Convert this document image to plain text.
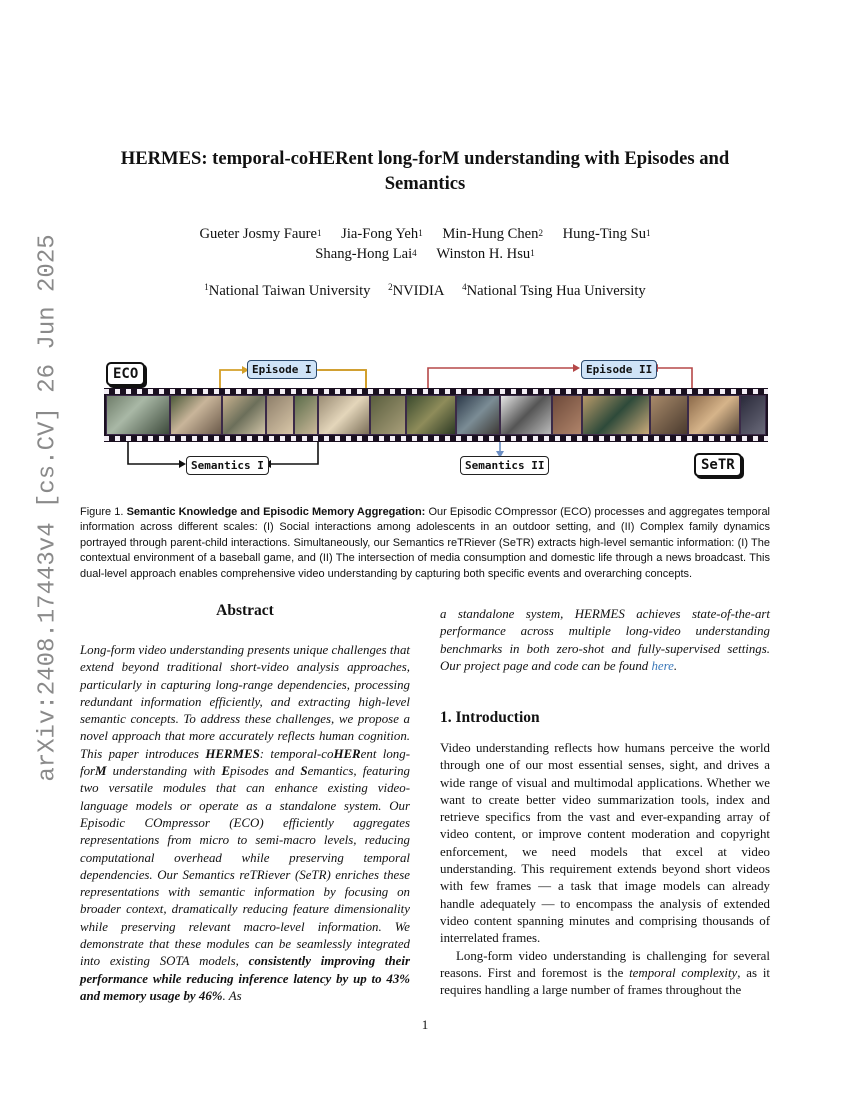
arXiv:2408.17443v4 [cs.CV] 26 Jun 2025
HERMES: temporal-coHERent long-forM understanding with Episodes and Semantics
Gueter Josmy Faure$^1$ Jia-Fong Yeh$^1$ Min-Hung Chen$^2$ Hung-Ting Su$^1$
Shang-Hong Lai$^4$ Winston H. Hsu$^1$
$^1$National Taiwan University $^2$NVIDIA $^4$National Tsing Hua University
ECO	Episode I	Episode II
Semantics I	Semantics II	SeTR
Figure 1. Semantic Knowledge and Episodic Memory Aggregation: Our Episodic COmpressor (ECO) processes and aggregates temporal information across different scales: (I) Social interactions among adolescents in an outdoor setting, and (II) Complex family dynamics portrayed through parent-child interactions. Simultaneously, our Semantics reTRiever (SeTR) extracts high-level semantic information: (I) The contextual environment of a baseball game, and (II) The intersection of media consumption and domestic life through a news broadcast. This dual-level approach enables comprehensive video understanding by capturing both specific events and overarching concepts.
Abstract
Long-form video understanding presents unique challenges that extend beyond traditional short-video analysis approaches, particularly in capturing long-range dependencies, processing redundant information efficiently, and extracting high-level semantic concepts. To address these challenges, we propose a novel approach that more accurately reflects human cognition. This paper introduces HERMES: temporal-coHERent long-forM understanding with Episodes and Semantics, featuring two versatile modules that can enhance existing video-language models or operate as a standalone system. Our Episodic COmpressor (ECO) efficiently aggregates representations from micro to semi-macro levels, reducing computational overhead while preserving temporal dependencies. Our Semantics reTRiever (SeTR) enriches these representations with semantic information by focusing on broader context, dramatically reducing feature dimensionality while preserving relevant macro-level information. We demonstrate that these modules can be seamlessly integrated into existing SOTA models, consistently improving their performance while reducing inference latency by up to 43% and memory usage by 46%. As
a standalone system, HERMES achieves state-of-the-art performance across multiple long-video understanding benchmarks in both zero-shot and fully-supervised settings. Our project page and code can be found here.
1. Introduction

Video understanding reflects how humans perceive the world through one of our most essential senses, sight, and drives a wide range of visual and multimodal applications. Whether we want to create better video summarization tools, index and retrieve specifics from the vast and ever-expanding array of video content, or improve content moderation and copyright enforcement, we need models that excel at video understanding. This requirement extends beyond short videos with few frames — a task that image models can already handle adequately — to encompass the analysis of extended video content spanning minutes and comprising thousands of interrelated frames.

Long-form video understanding is challenging for several reasons. First and foremost is the temporal complexity, as it requires handling a large number of frames throughout the

1
